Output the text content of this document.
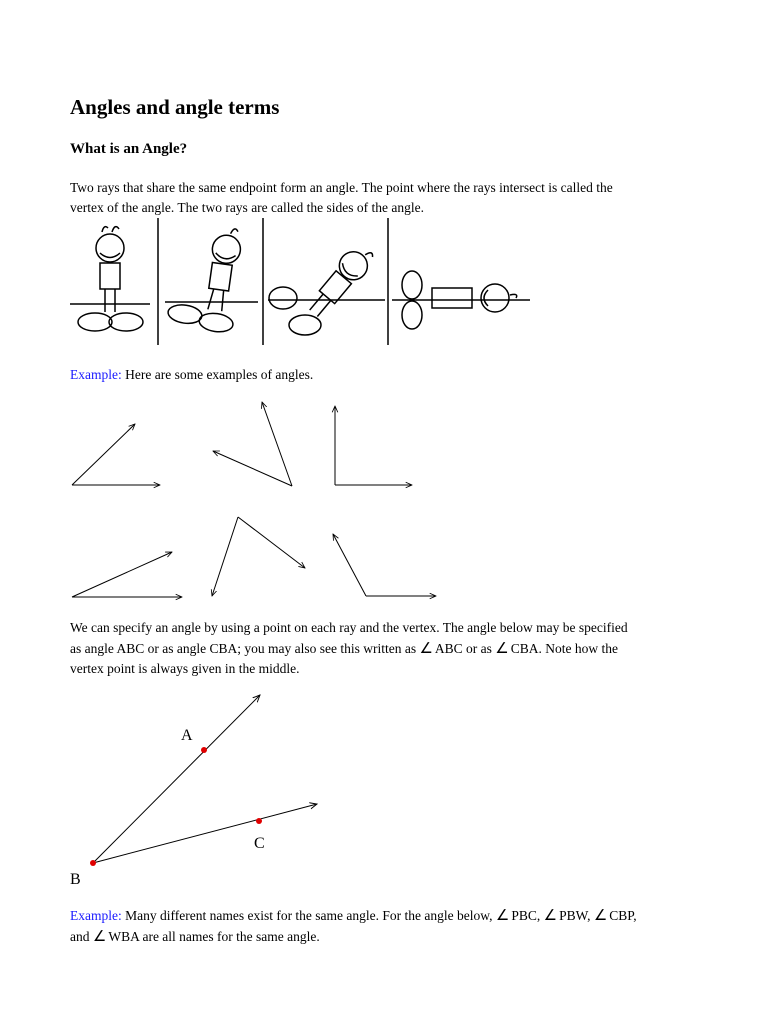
Angles and angle terms
What is an Angle?

Two rays that share the same endpoint form an angle. The point where the rays intersect is called the
vertex of the angle. The two rays are called the sides of the angle.

Example: Here are some examples of angles.

We can specify an angle by using a point on each ray and the vertex. The angle below may be specified
as angle ABC or as angle CBA; you may also see this written as ∠ ABC or as ∠ CBA. Note how the
vertex point is always given in the middle.

A
C
B

Example: Many different names exist for the same angle. For the angle below, ∠ PBC, ∠ PBW, ∠ CBP,
and ∠ WBA are all names for the same angle.
